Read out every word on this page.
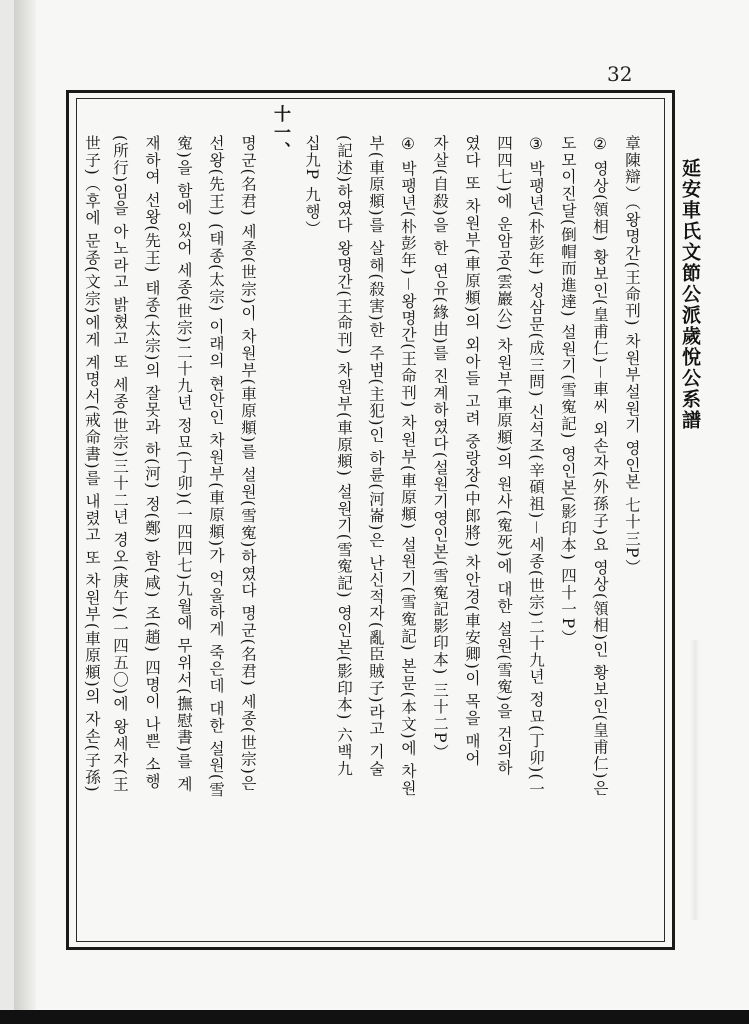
32
延安車氏文節公派歲悅公系譜
章陳辯）（왕명간(王命刊) 차원부설원기 영인본 七十三P）
② 영상(領相) 황보인(皇甫仁)－車씨 외손자(外孫子)요 영상(領相)인 황보인(皇甫仁)은
도모이진달(倒帽而進達) 설원기(雪寃記) 영인본(影印本) 四十一P）
③ 박팽년(朴彭年) 성삼문(成三問) 신석조(辛碩祖)－세종(世宗)二十九년 정묘(丁卯)(一
四四七)에 운암공(雲巖公) 차원부(車原頫)의 원사(寃死)에 대한 설원(雪寃)을 건의하
였다 또 차원부(車原頫)의 외아들 고려 중랑장(中郎將) 차안경(車安卿)이 목을 매어
자살(自殺)을 한 연유(緣由)를 진계하였다(설원기영인본(雪寃記影印本) 三十二P）
④ 박팽년(朴彭年)－왕명간(王命刊) 차원부(車原頫) 설원기(雪寃記) 본문(本文)에 차원
부(車原頫)를 살해(殺害)한 주범(主犯)인 하륜(河崙)은 난신적자(亂臣賊子)라고 기술
(記述)하였다 왕명간(王命刊) 차원부(車原頫) 설원기(雪寃記) 영인본(影印本) 六백九
십九P 九행）
十一、
명군(名君) 세종(世宗)이 차원부(車原頫)를 설원(雪寃)하였다 명군(名君) 세종(世宗)은
선왕(先王) (태종(太宗) 이래의 현안인 차원부(車原頫)가 억울하게 죽은데 대한 설원(雪
寃)을 함에 있어 세종(世宗)二十九년 정묘(丁卯)(一四四七)九월에 무위서(撫慰書)를 계
재하여 선왕(先王) 태종(太宗)의 잘못과 하(河) 정(鄭) 함(咸) 조(趙) 四명이 나쁜 소행
(所行)임을 아노라고 밝혔고 또 세종(世宗)三十二년 경오(庚午)(一四五〇)에 왕세자(王
世子)（후에 문종(文宗)에게 계명서(戒命書)를 내렸고 또 차원부(車原頫)의 자손(子孫)
